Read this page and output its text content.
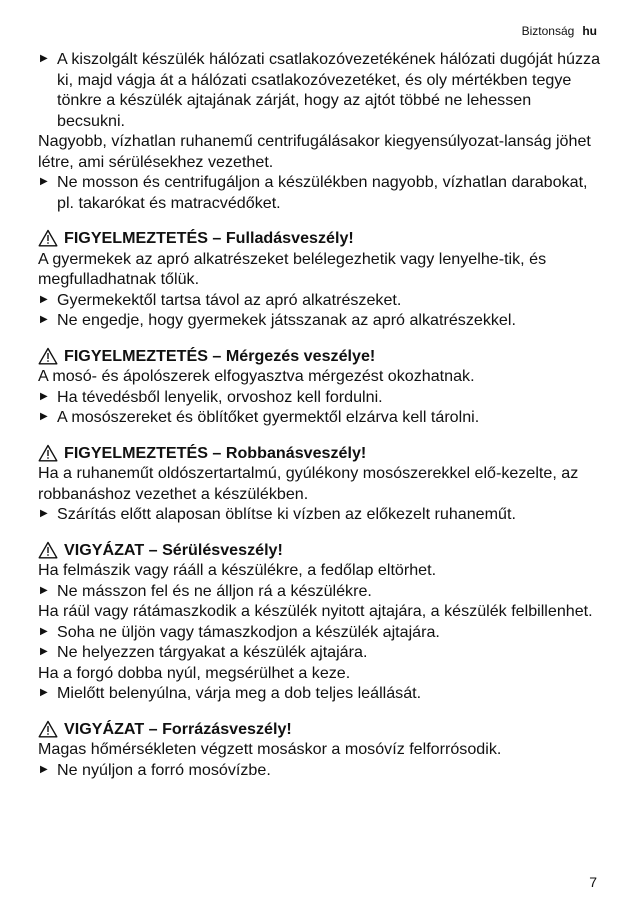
Biztonság hu

▶ A kiszolgált készülék hálózati csatlakozóvezetékének hálózati dugóját húzza ki, majd vágja át a hálózati csatlakozóvezetéket, és oly mértékben tegye tönkre a készülék ajtajának zárját, hogy az ajtót többé ne lehessen becsukni.

Nagyobb, vízhatlan ruhanemű centrifugálásakor kiegyensúlyozat-lanság jöhet létre, ami sérülésekhez vezethet.

▶ Ne mosson és centrifugáljon a készülékben nagyobb, vízhatlan darabokat, pl. takarókat és matracvédőket.

FIGYELMEZTETÉS – Fulladásveszély!

A gyermekek az apró alkatrészeket belélegezhetik vagy lenyelhe-tik, és megfulladhatnak tőlük.

▶ Gyermekektől tartsa távol az apró alkatrészeket.

▶ Ne engedje, hogy gyermekek játsszanak az apró alkatrészekkel.

FIGYELMEZTETÉS – Mérgezés veszélye!

A mosó- és ápolószerek elfogyasztva mérgezést okozhatnak.

▶ Ha tévedésből lenyelik, orvoshoz kell fordulni.

▶ A mosószereket és öblítőket gyermektől elzárva kell tárolni.

FIGYELMEZTETÉS – Robbanásveszély!

Ha a ruhaneműt oldószertartalmú, gyúlékony mosószerekkel elő-kezelte, az robbanáshoz vezethet a készülékben.

▶ Szárítás előtt alaposan öblítse ki vízben az előkezelt ruhaneműt.

VIGYÁZAT – Sérülésveszély!

Ha felmászik vagy rááll a készülékre, a fedőlap eltörhet.

▶ Ne másszon fel és ne álljon rá a készülékre.

Ha ráül vagy rátámaszkodik a készülék nyitott ajtajára, a készülék felbillenhet.

▶ Soha ne üljön vagy támaszkodjon a készülék ajtajára.

▶ Ne helyezzen tárgyakat a készülék ajtajára.

Ha a forgó dobba nyúl, megsérülhet a keze.

▶ Mielőtt belenyúlna, várja meg a dob teljes leállását.

VIGYÁZAT – Forrázásveszély!

Magas hőmérsékleten végzett mosáskor a mosóvíz felforrósodik.

▶ Ne nyúljon a forró mosóvízbe.

7
